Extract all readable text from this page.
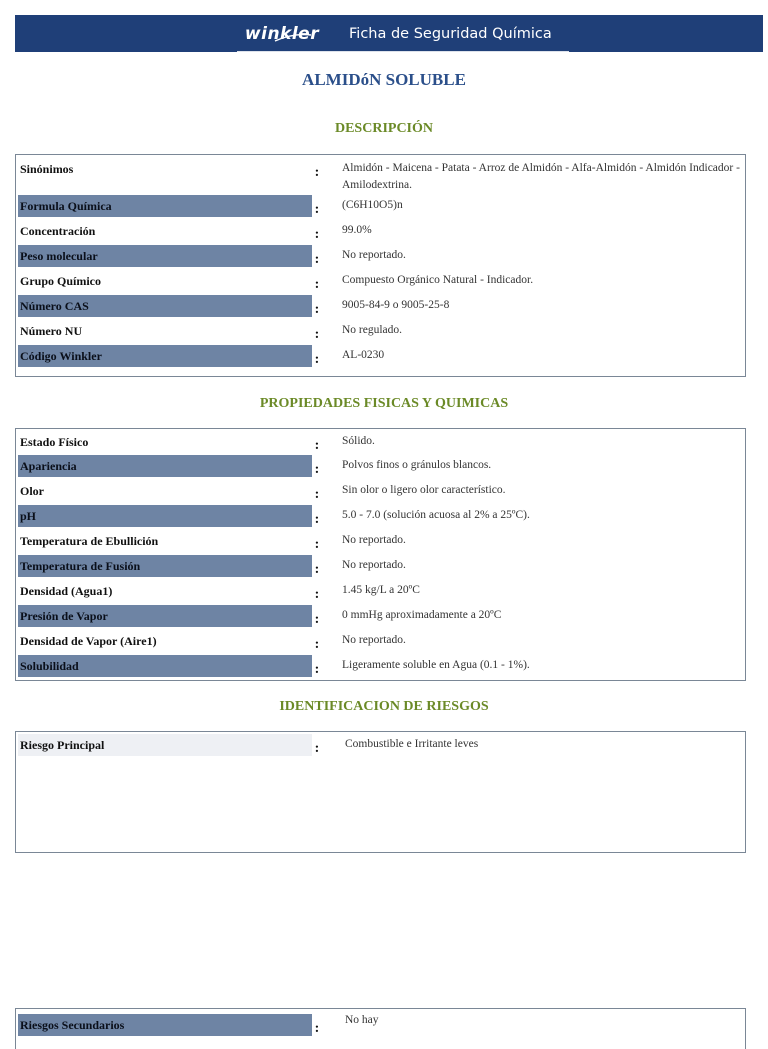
winkler	Ficha de Seguridad Química
ALMIDóN SOLUBLE
DESCRIPCIÓN
Sinónimos	:	Almidón - Maicena - Patata - Arroz de Almidón - Alfa-Almidón - Almidón Indicador - Amilodextrina.
Formula Química	:	(C6H10O5)n
Concentración	:	99.0%
Peso molecular	:	No reportado.
Grupo Químico	:	Compuesto Orgánico Natural - Indicador.
Número CAS	:	9005-84-9 o 9005-25-8
Número NU	:	No regulado.
Código Winkler	:	AL-0230
PROPIEDADES FISICAS Y QUIMICAS
Estado Físico	:	Sólido.
Apariencia	:	Polvos finos o gránulos blancos.
Olor	:	Sin olor o ligero olor característico.
pH	:	5.0 - 7.0 (solución acuosa al 2% a 25ºC).
Temperatura de Ebullición	:	No reportado.
Temperatura de Fusión	:	No reportado.
Densidad (Agua1)	:	1.45 kg/L a 20ºC
Presión de Vapor	:	0 mmHg aproximadamente a 20ºC
Densidad de Vapor (Aire1)	:	No reportado.
Solubilidad	:	Ligeramente soluble en Agua (0.1 - 1%).
IDENTIFICACION DE RIESGOS
Riesgo Principal	:	Combustible e Irritante leves
Riesgos Secundarios	:
No hay
